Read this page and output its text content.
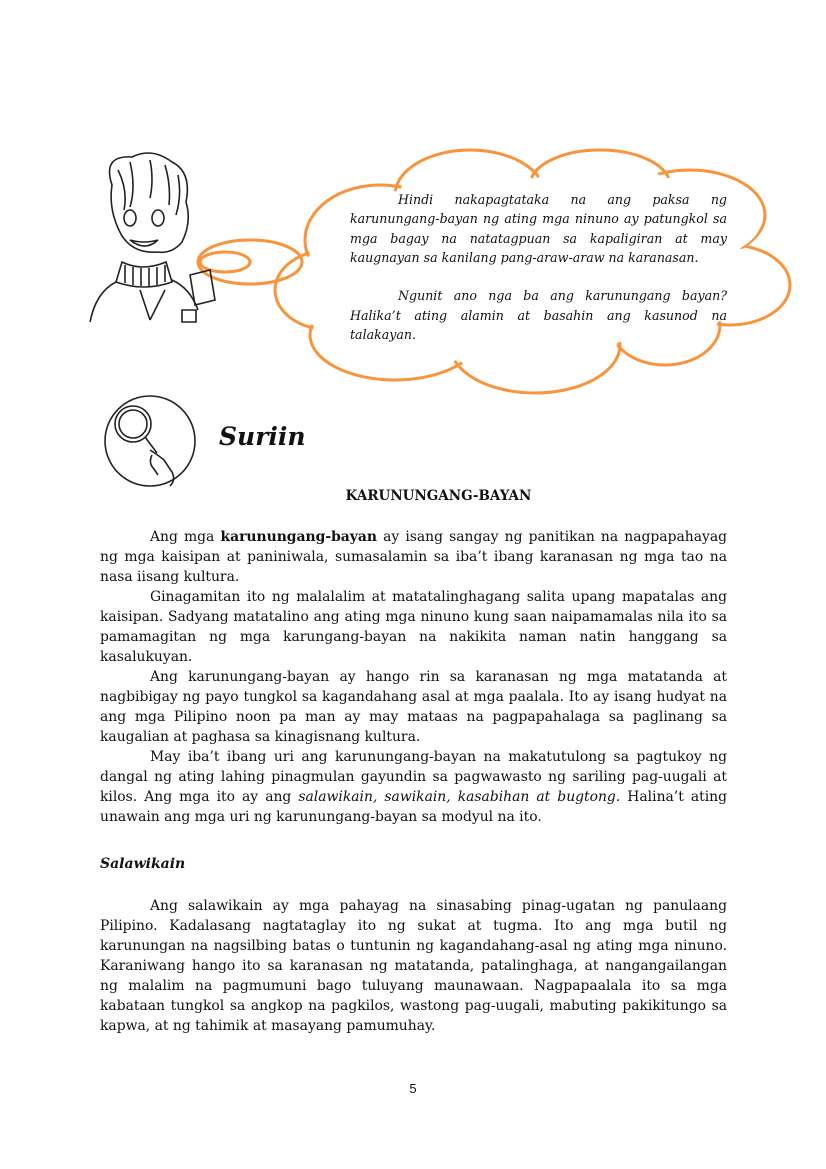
Hindi nakapagtataka na ang paksa ng karunungang-bayan ng ating mga ninuno ay patungkol sa mga bagay na natatagpuan sa kapaligiran at may kaugnayan sa kanilang pang-araw-araw na karanasan.

Ngunit ano nga ba ang karunungang bayan? Halika’t ating alamin at basahin ang kasunod na talakayan.

Suriin
KARUNUNGANG-BAYAN

Ang mga karunungang-bayan ay isang sangay ng panitikan na nagpapahayag ng mga kaisipan at paniniwala, sumasalamin sa iba’t ibang karanasan ng mga tao na nasa iisang kultura.

Ginagamitan ito ng malalalim at matatalinghagang salita upang mapatalas ang kaisipan. Sadyang matatalino ang ating mga ninuno kung saan naipamamalas nila ito sa pamamagitan ng mga karungang-bayan na nakikita naman natin hanggang sa kasalukuyan.

Ang karunungang-bayan ay hango rin sa karanasan ng mga matatanda at nagbibigay ng payo tungkol sa kagandahang asal at mga paalala. Ito ay isang hudyat na ang mga Pilipino noon pa man ay may mataas na pagpapahalaga sa paglinang sa kaugalian at paghasa sa kinagisnang kultura.

May iba’t ibang uri ang karunungang-bayan na makatutulong sa pagtukoy ng dangal ng ating lahing pinagmulan gayundin sa pagwawasto ng sariling pag-uugali at kilos. Ang mga ito ay ang salawikain, sawikain, kasabihan at bugtong. Halina’t ating unawain ang mga uri ng karunungang-bayan sa modyul na ito.

Salawikain

Ang salawikain ay mga pahayag na sinasabing pinag-ugatan ng panulaang Pilipino. Kadalasang nagtataglay ito ng sukat at tugma. Ito ang mga butil ng karunungan na nagsilbing batas o tuntunin ng kagandahang-asal ng ating mga ninuno. Karaniwang hango ito sa karanasan ng matatanda, patalinghaga, at nangangailangan ng malalim na pagmumuni bago tuluyang maunawaan. Nagpapaalala ito sa mga kabataan tungkol sa angkop na pagkilos, wastong pag-uugali, mabuting pakikitungo sa kapwa, at ng tahimik at masayang pamumuhay.

5
